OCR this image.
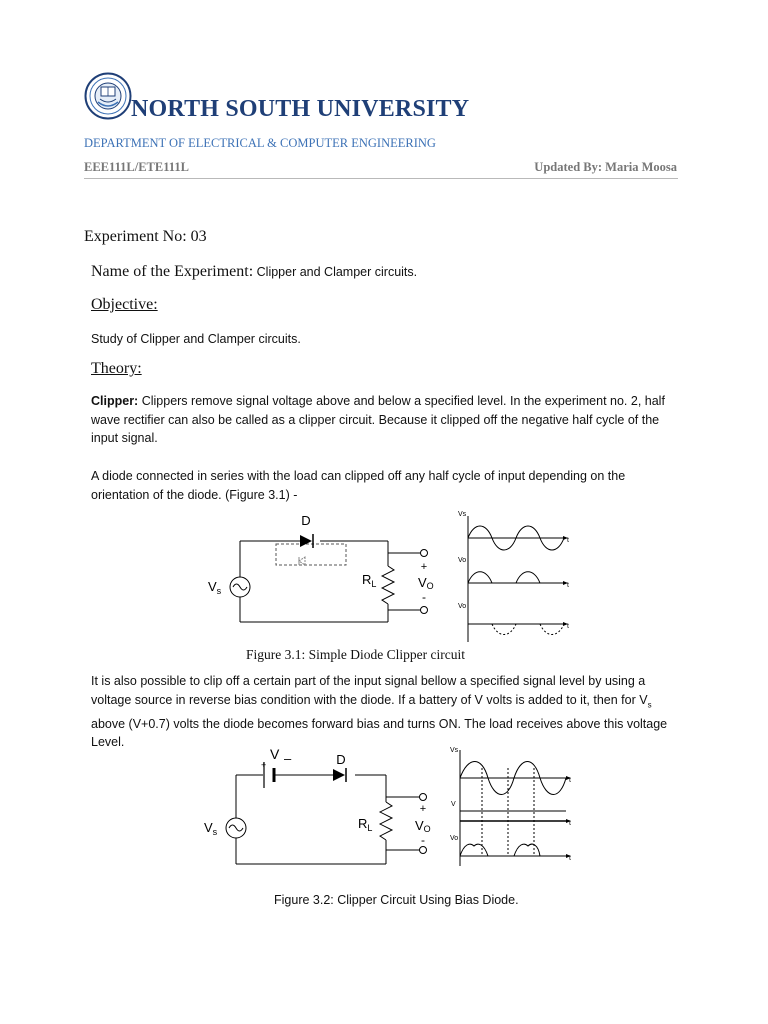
NORTH SOUTH UNIVERSITY
DEPARTMENT OF ELECTRICAL & COMPUTER ENGINEERING
EEE111L/ETE111L	Updated By: Maria Moosa
Experiment No: 03
Name of the Experiment: Clipper and Clamper circuits.
Objective:
Study of Clipper and Clamper circuits.
Theory:
Clipper: Clippers remove signal voltage above and below a specified level. In the experiment no. 2, half wave rectifier can also be called as a clipper circuit. Because it clipped off the negative half cycle of the input signal.
A diode connected in series with the load can clipped off any half cycle of input depending on the orientation of the diode. (Figure 3.1) -
D
$V_s$
$R_L$	VO
+
-
Vs
Vo
Vo
t
t
t
Figure 3.1: Simple Diode Clipper circuit
It is also possible to clip off a certain part of the input signal bellow a specified signal level by using a voltage source in reverse bias condition with the diode. If a battery of V volts is added to it, then for $V_s$ above (V+0.7) volts the diode becomes forward bias and turns ON. The load receives above this voltage Level.
+
V –	D
$V_s$
$R_L$	VO
+
-
Vs
V
Vo
t
t
t
Figure 3.2: Clipper Circuit Using Bias Diode.
